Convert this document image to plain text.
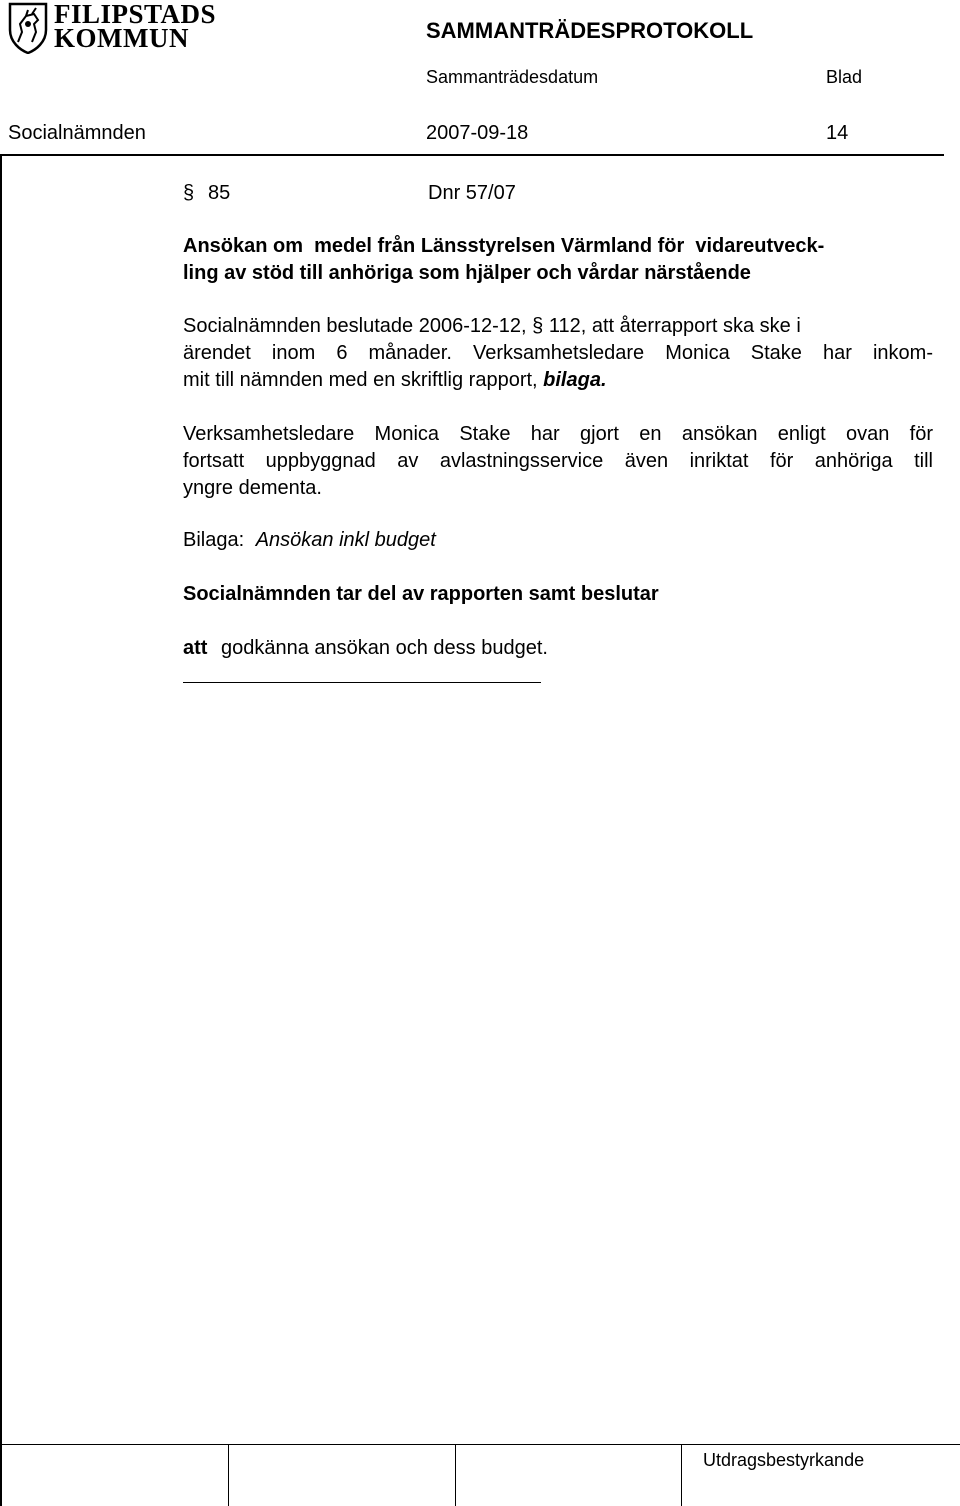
FILIPSTADS
KOMMUN	SAMMANTRÄDESPROTOKOLL
Sammanträdesdatum	Blad
Socialnämnden	2007-09-18	14
§ 85	Dnr 57/07
Ansökan om  medel från Länsstyrelsen Värmland för  vidareutveck-
ling av stöd till anhöriga som hjälper och vårdar närstående
Socialnämnden beslutade 2006-12-12, § 112, att återrapport ska ske i
ärendet inom 6 månader. Verksamhetsledare Monica Stake har inkom-
mit till nämnden med en skriftlig rapport, bilaga.
Verksamhetsledare Monica Stake har gjort en ansökan enligt ovan för
fortsatt uppbyggnad av avlastningsservice även inriktat för anhöriga till
yngre dementa.
Bilaga: Ansökan inkl budget
Socialnämnden tar del av rapporten samt beslutar
att godkänna ansökan och dess budget.
Utdragsbestyrkande
